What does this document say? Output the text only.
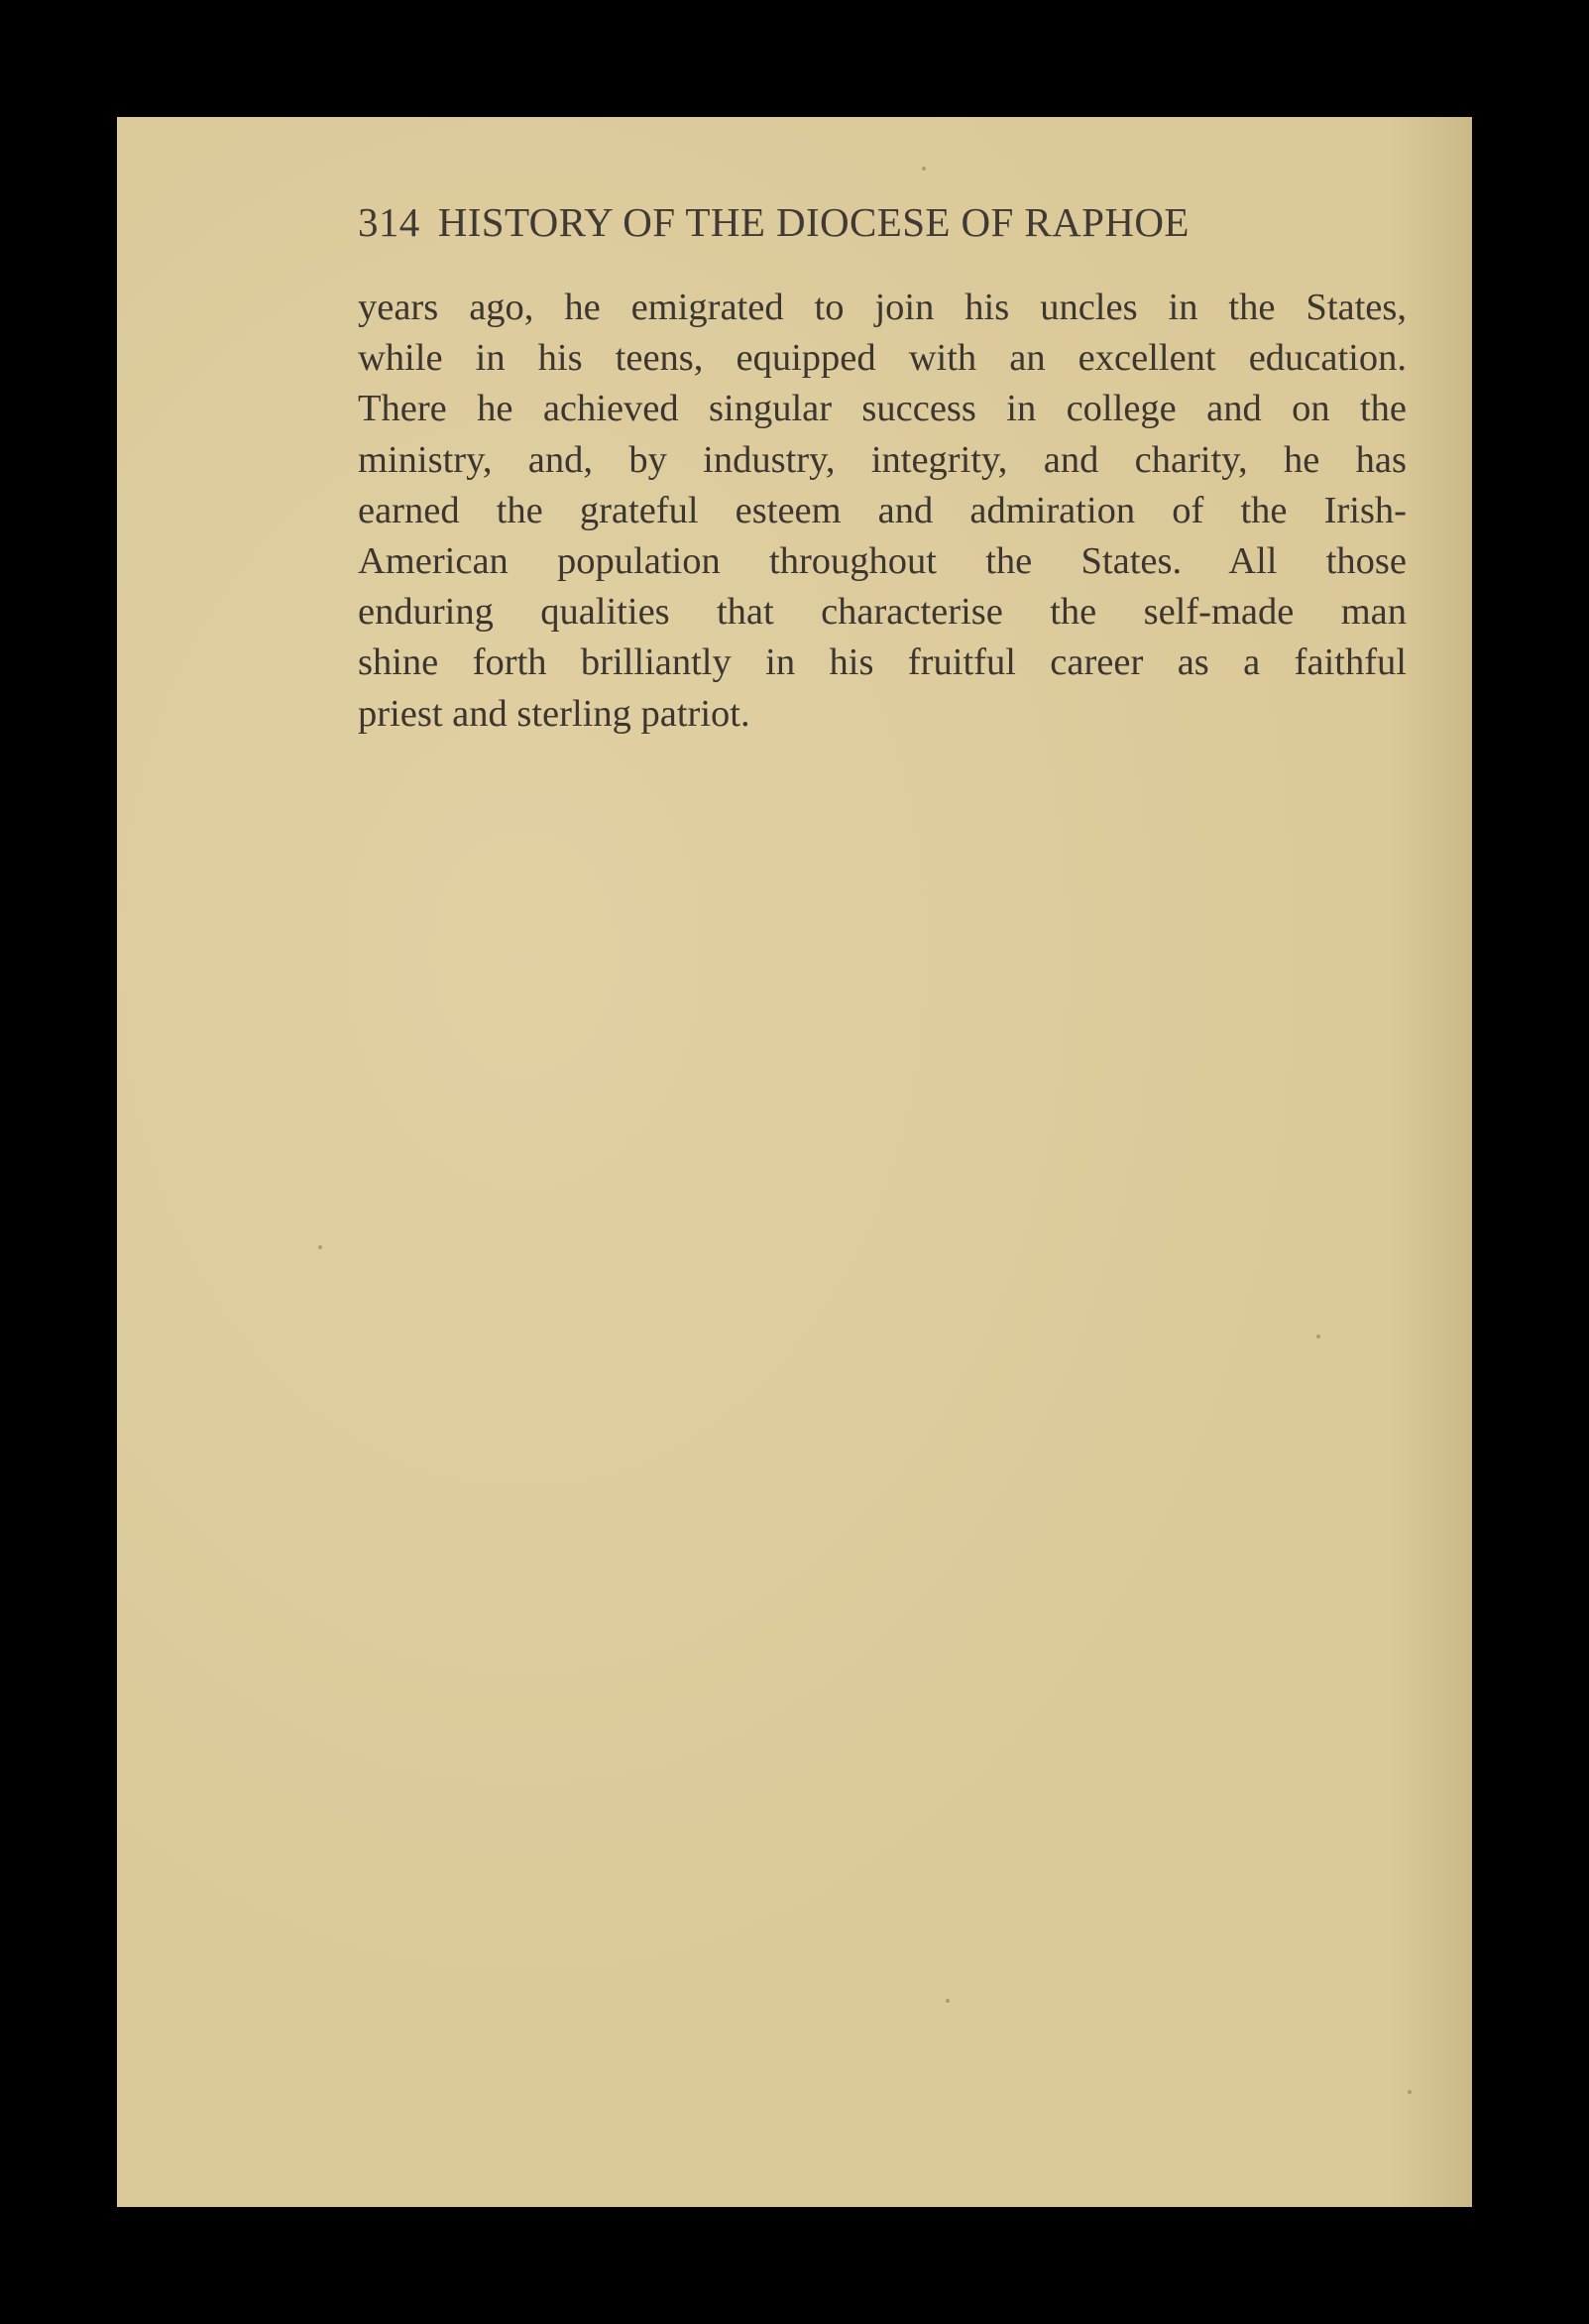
314 HISTORY OF THE DIOCESE OF RAPHOE
years ago, he emigrated to join his uncles in the States,
while in his teens, equipped with an excellent education.
There he achieved singular success in college and on the
ministry, and, by industry, integrity, and charity, he has
earned the grateful esteem and admiration of the Irish-
American population throughout the States. All those
enduring qualities that characterise the self-made man
shine forth brilliantly in his fruitful career as a faithful
priest and sterling patriot.
